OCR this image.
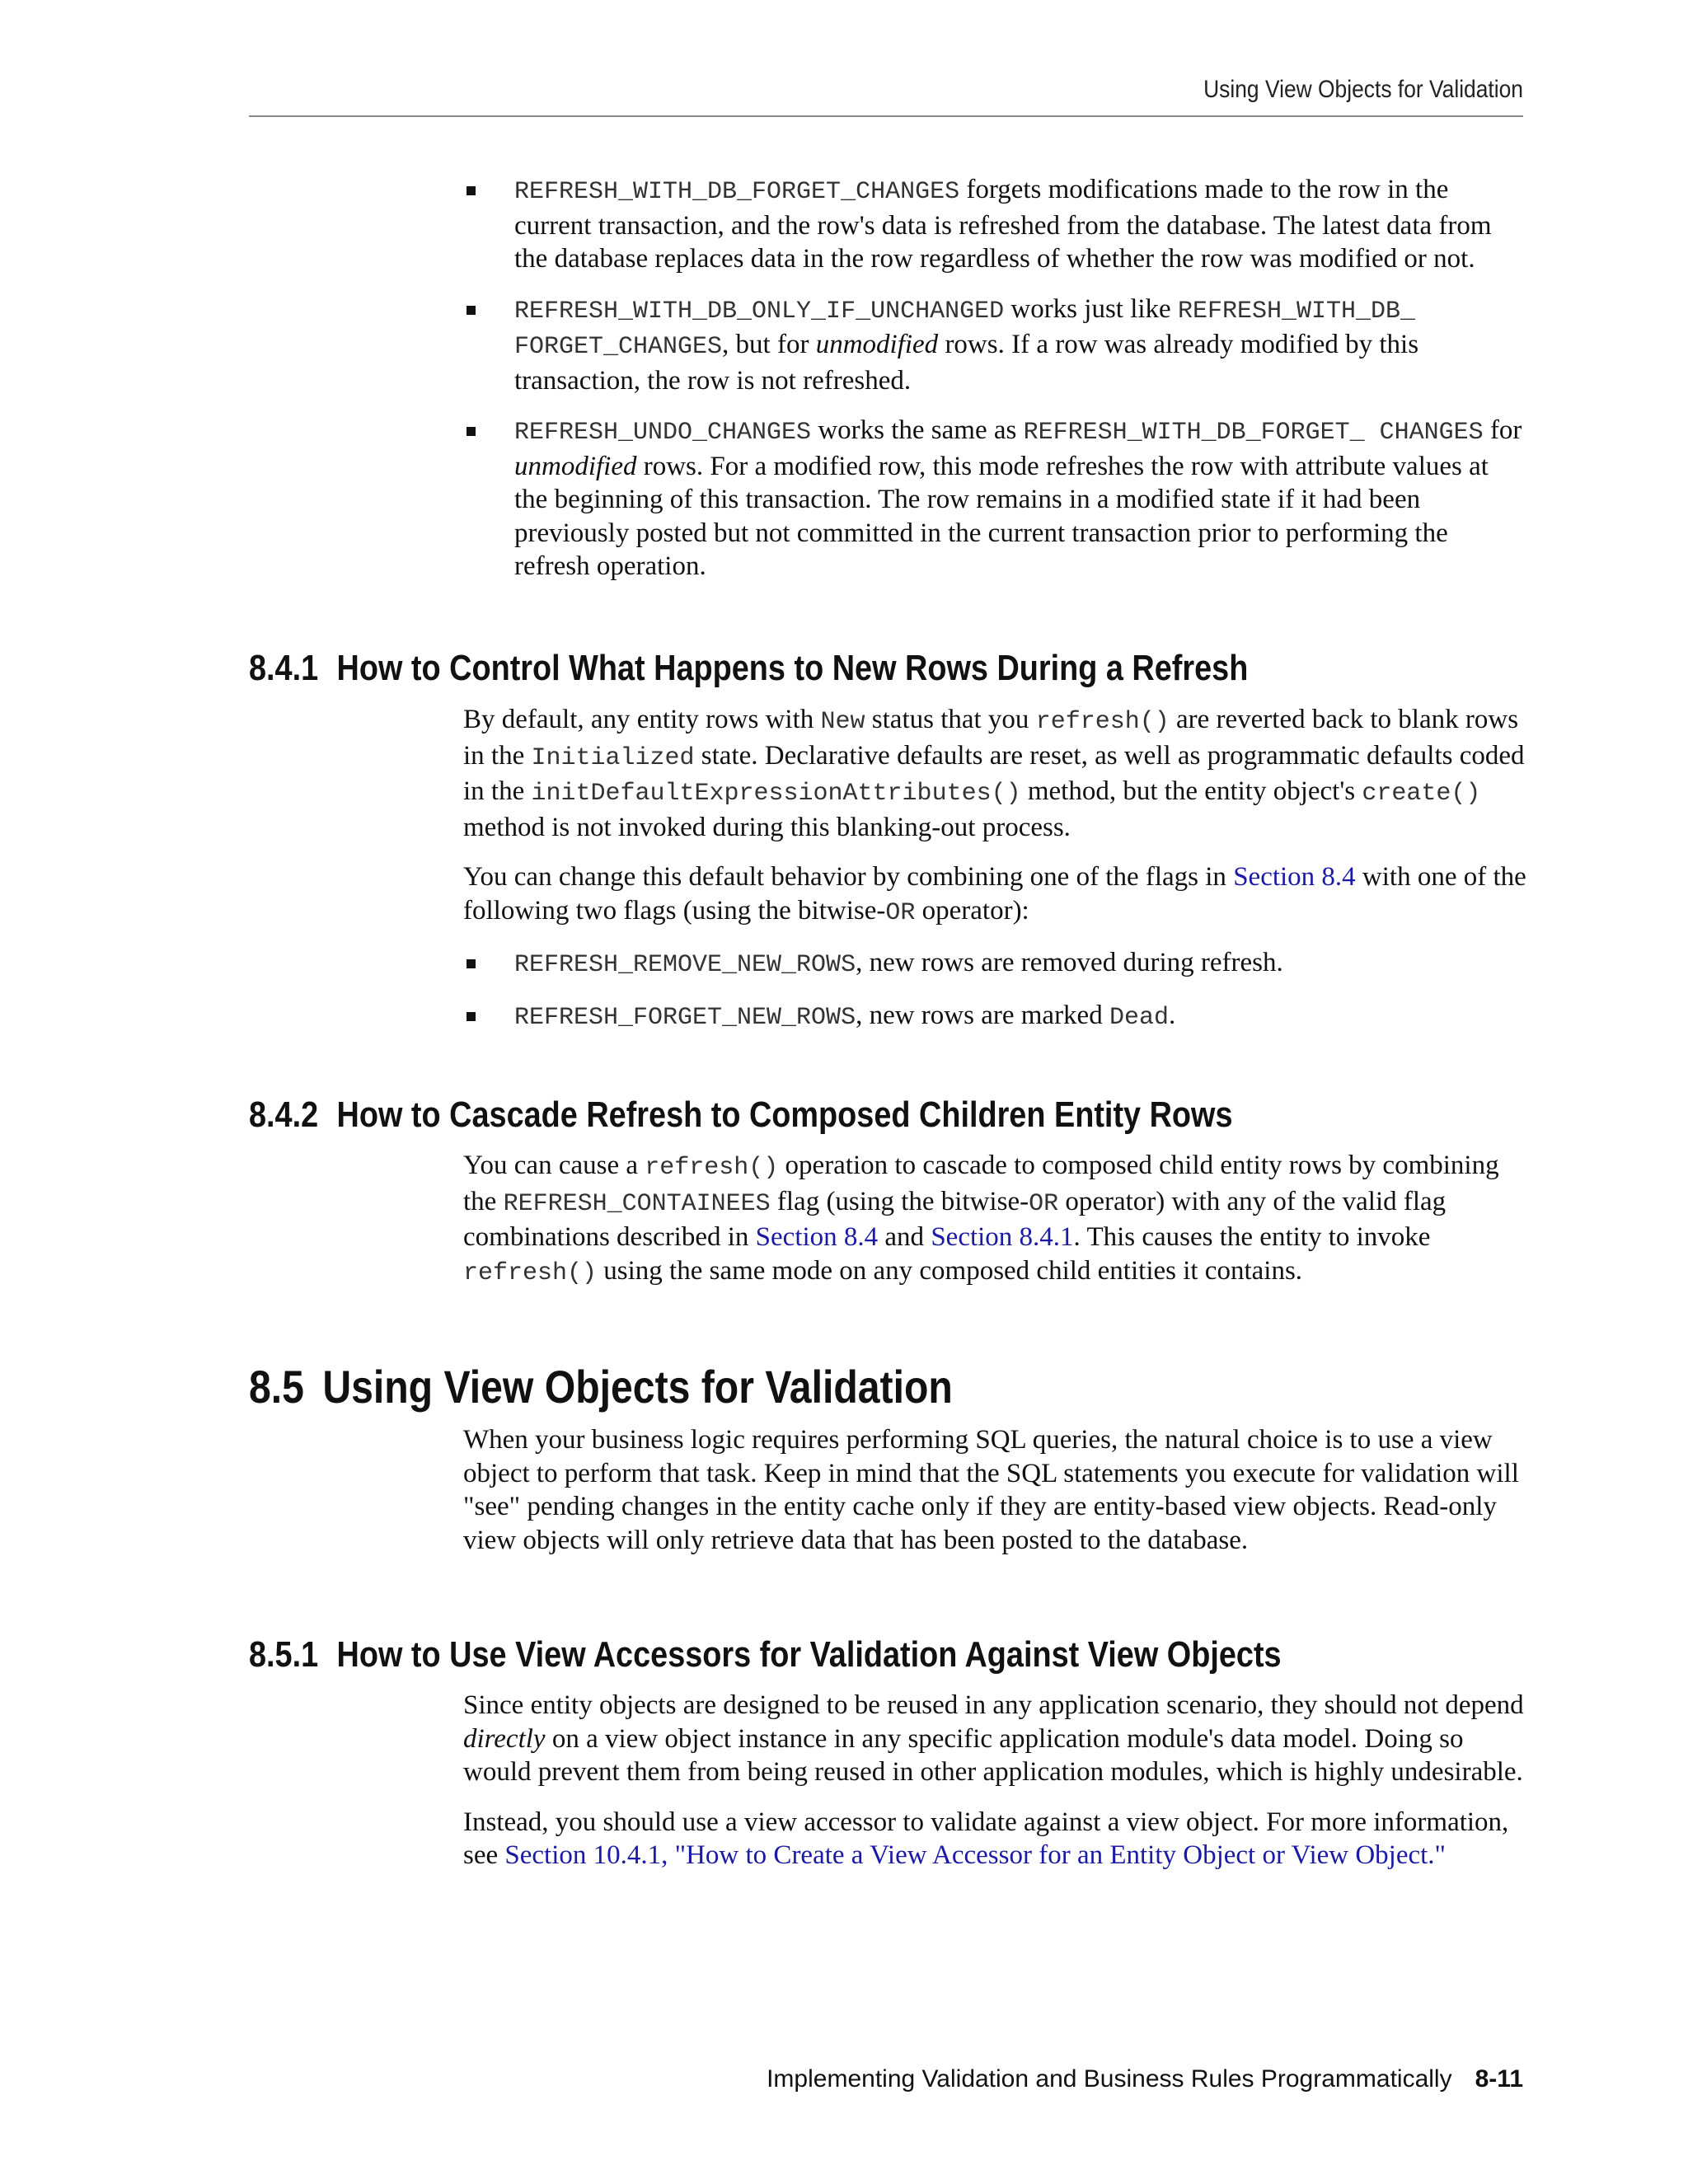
Using View Objects for Validation
REFRESH_WITH_DB_FORGET_CHANGES forgets modifications made to the row in the current transaction, and the row's data is refreshed from the database. The latest data from the database replaces data in the row regardless of whether the row was modified or not.
REFRESH_WITH_DB_ONLY_IF_UNCHANGED works just like REFRESH_WITH_DB_ FORGET_CHANGES, but for unmodified rows. If a row was already modified by this transaction, the row is not refreshed.
REFRESH_UNDO_CHANGES works the same as REFRESH_WITH_DB_FORGET_ CHANGES for unmodified rows. For a modified row, this mode refreshes the row with attribute values at the beginning of this transaction. The row remains in a modified state if it had been previously posted but not committed in the current transaction prior to performing the refresh operation.
8.4.1 How to Control What Happens to New Rows During a Refresh

By default, any entity rows with New status that you refresh() are reverted back to blank rows in the Initialized state. Declarative defaults are reset, as well as programmatic defaults coded in the initDefaultExpressionAttributes() method, but the entity object's create() method is not invoked during this blanking-out process.

You can change this default behavior by combining one of the flags in Section 8.4 with one of the following two flags (using the bitwise-OR operator):

REFRESH_REMOVE_NEW_ROWS, new rows are removed during refresh.
REFRESH_FORGET_NEW_ROWS, new rows are marked Dead.
8.4.2 How to Cascade Refresh to Composed Children Entity Rows

You can cause a refresh() operation to cascade to composed child entity rows by combining the REFRESH_CONTAINEES flag (using the bitwise-OR operator) with any of the valid flag combinations described in Section 8.4 and Section 8.4.1. This causes the entity to invoke refresh() using the same mode on any composed child entities it contains.

8.5 Using View Objects for Validation

When your business logic requires performing SQL queries, the natural choice is to use a view object to perform that task. Keep in mind that the SQL statements you execute for validation will "see" pending changes in the entity cache only if they are entity-based view objects. Read-only view objects will only retrieve data that has been posted to the database.

8.5.1 How to Use View Accessors for Validation Against View Objects

Since entity objects are designed to be reused in any application scenario, they should not depend directly on a view object instance in any specific application module's data model. Doing so would prevent them from being reused in other application modules, which is highly undesirable.

Instead, you should use a view accessor to validate against a view object. For more information, see Section 10.4.1, "How to Create a View Accessor for an Entity Object or View Object."

Implementing Validation and Business Rules Programmatically 8-11
